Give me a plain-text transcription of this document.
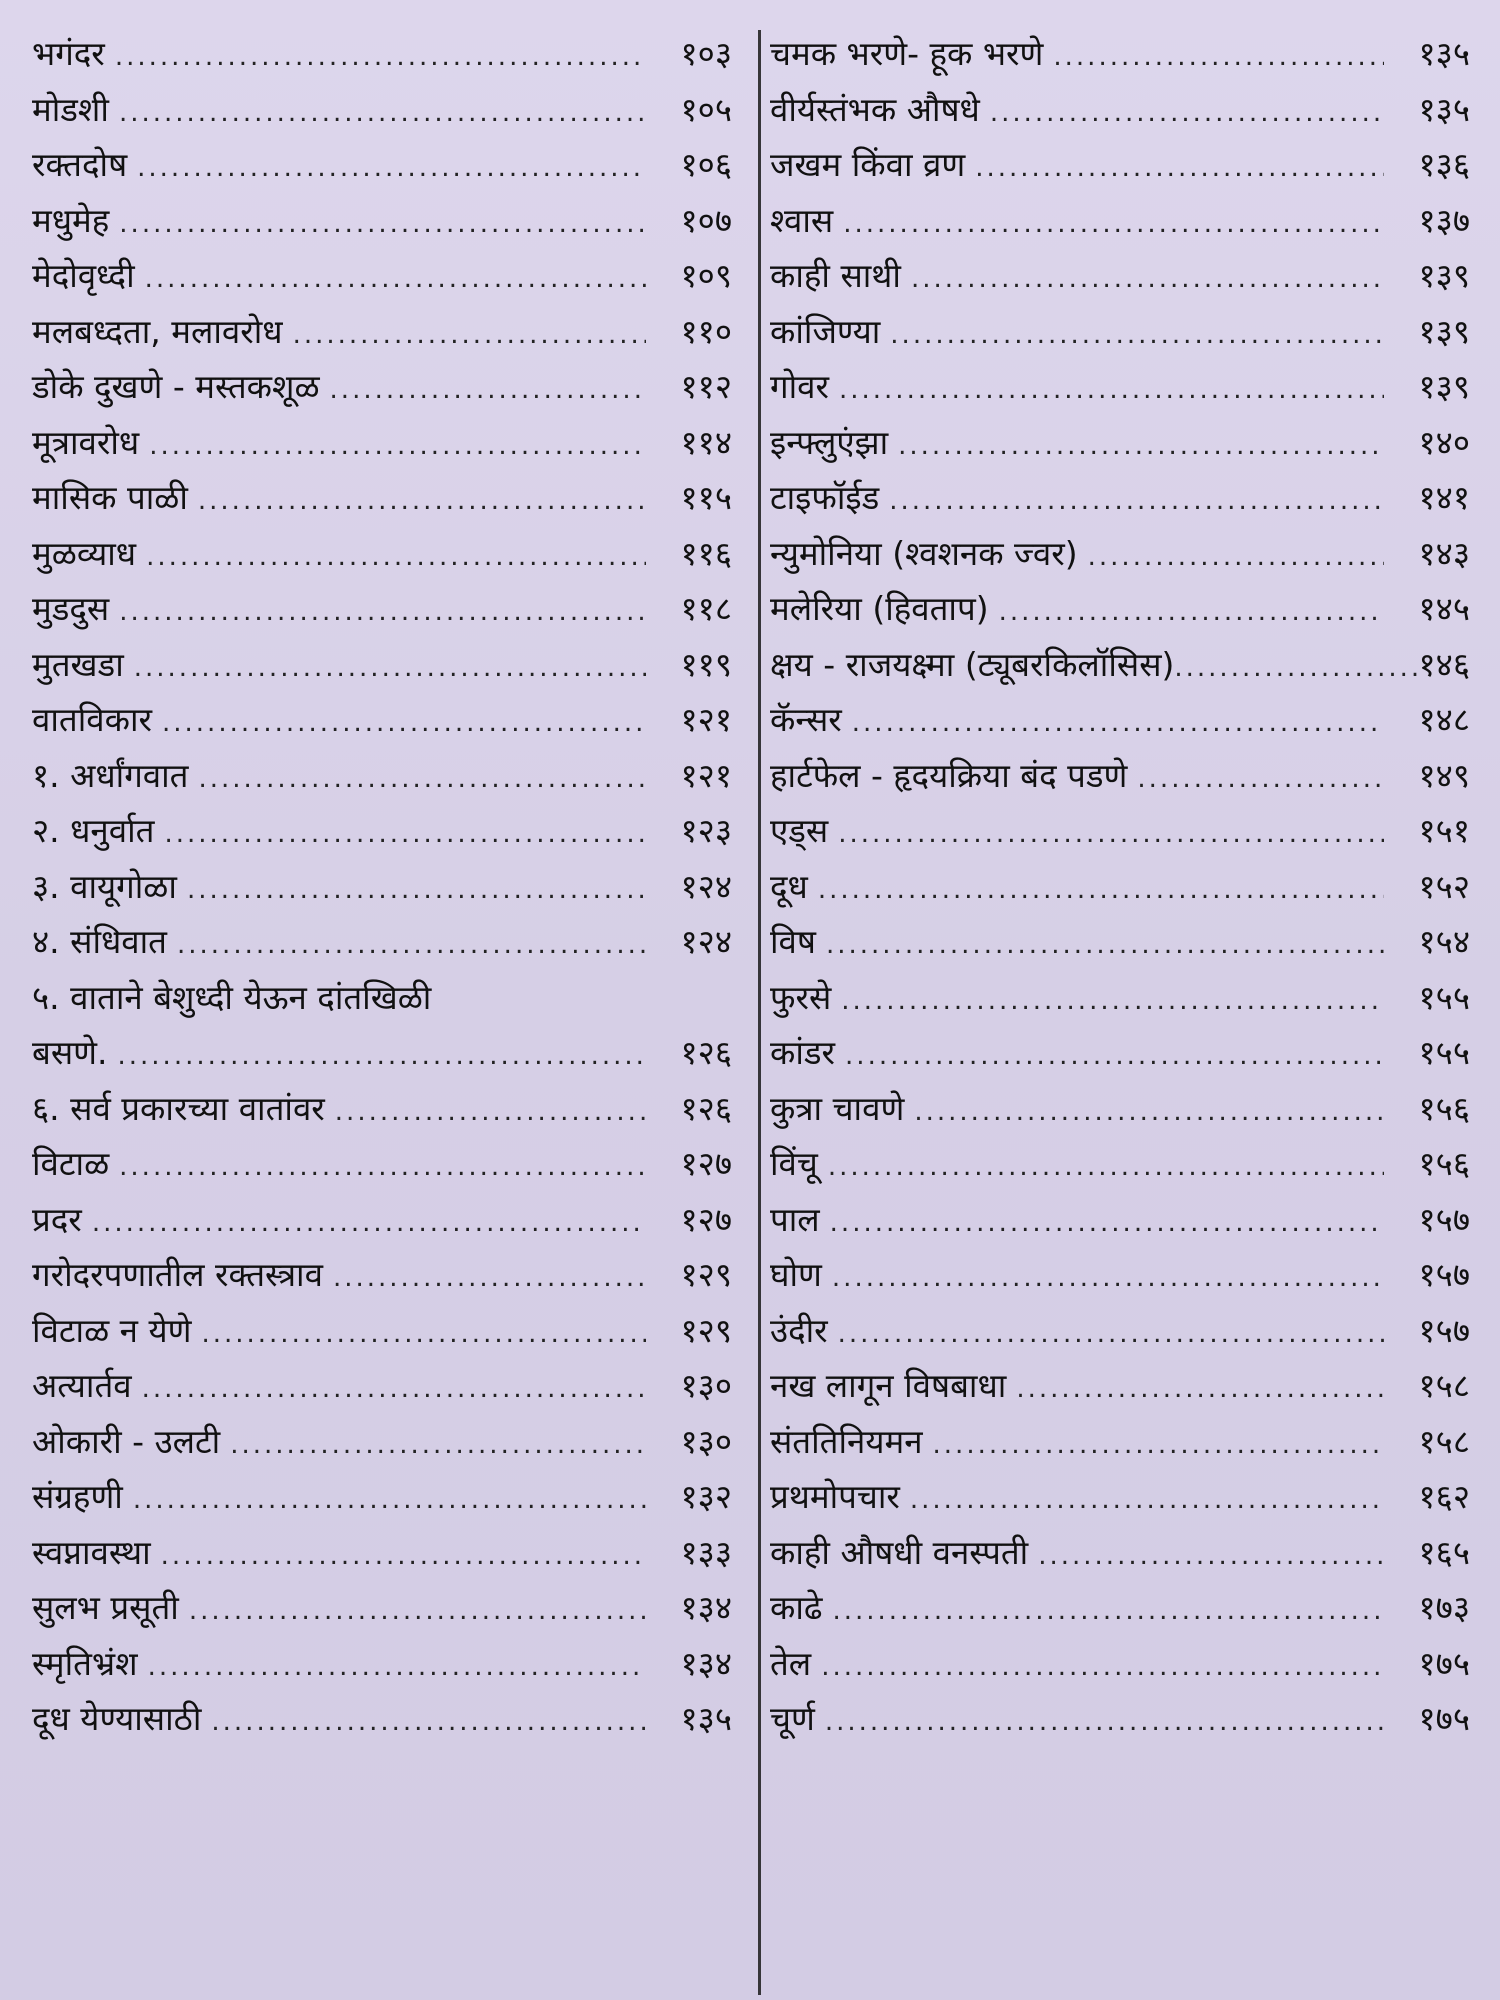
भगंदर .....	१०३
मोडशी .....	१०५
रक्तदोष .....	१०६
मधुमेह .....	१०७
मेदोवृध्दी .....	१०९
मलबध्दता, मलावरोध .....	११०
डोके दुखणे - मस्तकशूळ .....	११२
मूत्रावरोध .....	११४
मासिक पाळी .....	११५
मुळव्याध .....	११६
मुडदुस .....	११८
मुतखडा .....	११९
वातविकार .....	१२१
१. अर्धांगवात .....	१२१
२. धनुर्वात .....	१२३
३. वायूगोळा .....	१२४
४. संधिवात .....	१२४
५. वाताने बेशुध्दी येऊन दांतखिळी
बसणे. .....	१२६
६. सर्व प्रकारच्या वातांवर .....	१२६
विटाळ .....	१२७
प्रदर .....	१२७
गरोदरपणातील रक्तस्त्राव .....	१२९
विटाळ न येणे .....	१२९
अत्यार्तव .....	१३०
ओकारी - उलटी .....	१३०
संग्रहणी .....	१३२
स्वप्नावस्था .....	१३३
सुलभ प्रसूती .....	१३४
स्मृतिभ्रंश .....	१३४
दूध येण्यासाठी .....	१३५
चमक भरणे- हूक भरणे .....	१३५
वीर्यस्तंभक औषधे .....	१३५
जखम किंवा व्रण .....	१३६
श्वास .....	१३७
काही साथी .....	१३९
कांजिण्या .....	१३९
गोवर .....	१३९
इन्फ्लुएंझा .....	१४०
टाइफॉईड .....	१४१
न्युमोनिया (श्वशनक ज्वर) .....	१४३
मलेरिया (हिवताप) .....	१४५
क्षय - राजयक्ष्मा (ट्यूबरकिलॉसिस) .....	१४६
कॅन्सर .....	१४८
हार्टफेल - हृदयक्रिया बंद पडणे .....	१४९
एड्स .....	१५१
दूध .....	१५२
विष .....	१५४
फुरसे .....	१५५
कांडर .....	१५५
कुत्रा चावणे .....	१५६
विंचू .....	१५६
पाल .....	१५७
घोण .....	१५७
उंदीर .....	१५७
नख लागून विषबाधा .....	१५८
संततिनियमन .....	१५८
प्रथमोपचार .....	१६२
काही औषधी वनस्पती .....	१६५
काढे .....	१७३
तेल .....	१७५
चूर्ण .....	१७५
